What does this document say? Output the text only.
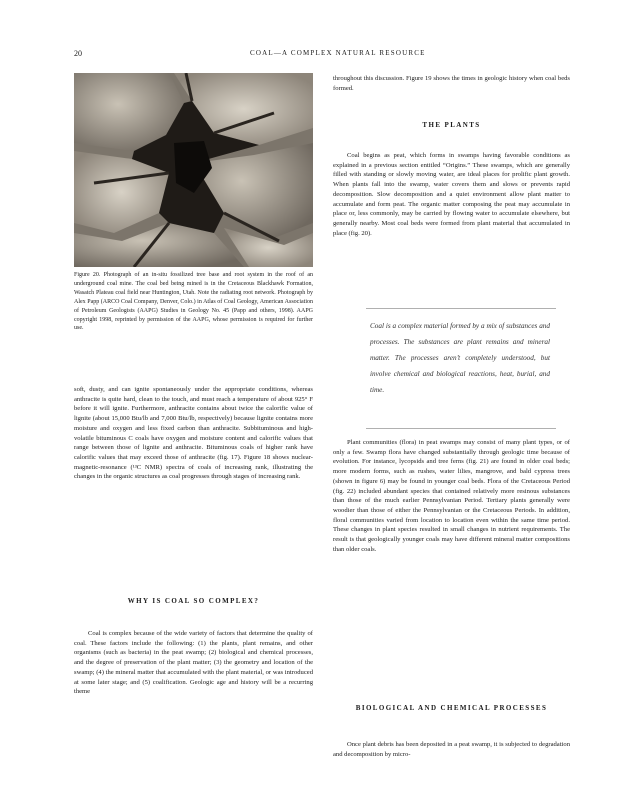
20	COAL—A COMPLEX NATURAL RESOURCE
Figure 20. Photograph of an in-situ fossilized tree base and root system in the roof of an underground coal mine. The coal bed being mined is in the Cretaceous Blackhawk Formation, Wasatch Plateau coal field near Huntington, Utah. Note the radiating root network. Photograph by Alex Papp (ARCO Coal Company, Denver, Colo.) in Atlas of Coal Geology, American Association of Petroleum Geologists (AAPG) Studies in Geology No. 45 (Papp and others, 1998). AAPG copyright 1998, reprinted by permission of the AAPG, whose permission is required for further use.

soft, dusty, and can ignite spontaneously under the appropriate conditions, whereas anthracite is quite hard, clean to the touch, and must reach a temperature of about 925° F before it will ignite. Furthermore, anthracite contains about twice the calorific value of lignite (about 15,000 Btu/lb and 7,000 Btu/lb, respectively) because lignite contains more moisture and oxygen and less fixed carbon than anthracite. Subbituminous and high-volatile bituminous C coals have oxygen and moisture content and calorific values that range between those of lignite and anthracite. Bituminous coals of higher rank have calorific values that may exceed those of anthracite (fig. 17). Figure 18 shows nuclear-magnetic-resonance (¹³C NMR) spectra of coals of increasing rank, illustrating the changes in the organic structures as coal progresses through stages of increasing rank.

WHY IS COAL SO COMPLEX?

Coal is complex because of the wide variety of factors that determine the quality of coal. These factors include the following: (1) the plants, plant remains, and other organisms (such as bacteria) in the peat swamp; (2) biological and chemical processes, and the degree of preservation of the plant matter; (3) the geometry and location of the swamp; (4) the mineral matter that accumulated with the plant material, or was introduced at some later stage; and (5) coalification. Geologic age and history will be a recurring theme

throughout this discussion. Figure 19 shows the times in geologic history when coal beds formed.

THE PLANTS

Coal begins as peat, which forms in swamps having favorable conditions as explained in a previous section entitled “Origins.” These swamps, which are generally filled with standing or slowly moving water, are ideal places for prolific plant growth. When plants fall into the swamp, water covers them and slows or prevents rapid decomposition. Slow decomposition and a quiet environment allow plant matter to accumulate and form peat. The organic matter composing the peat may accumulate in place or, less commonly, may be carried by flowing water to accumulate elsewhere, but generally nearby. Most coal beds were formed from plant material that accumulated in place (fig. 20).

Coal is a complex material formed by a mix of substances and processes. The substances are plant remains and mineral matter. The processes aren’t completely understood, but involve chemical and biological reactions, heat, burial, and time.

Plant communities (flora) in peat swamps may consist of many plant types, or of only a few. Swamp flora have changed substantially through geologic time because of evolution. For instance, lycopsids and tree ferns (fig. 21) are found in older coal beds; more modern forms, such as rushes, water lilies, mangrove, and bald cypress trees (shown in figure 6) may be found in younger coal beds. Flora of the Cretaceous Period (fig. 22) included abundant species that contained relatively more resinous substances than those of the much earlier Pennsylvanian Period. Tertiary plants generally were woodier than those of either the Pennsylvanian or the Cretaceous Periods. In addition, floral communities varied from location to location even within the same time period. These changes in plant species resulted in small changes in nutrient requirements. The result is that geologically younger coals may have different mineral matter compositions than older coals.

BIOLOGICAL AND CHEMICAL PROCESSES

Once plant debris has been deposited in a peat swamp, it is subjected to degradation and decomposition by micro-
